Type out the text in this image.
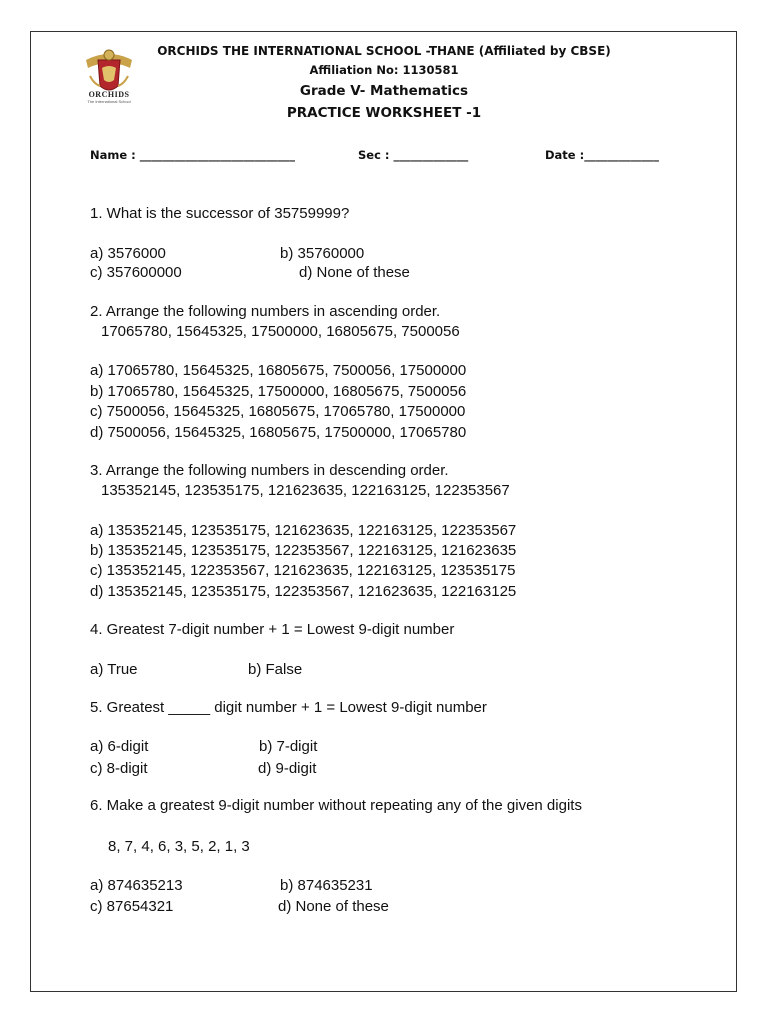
ORCHIDS
The International School
ORCHIDS THE INTERNATIONAL SCHOOL -THANE (Affiliated by CBSE)
Affiliation No: 1130581
Grade V- Mathematics
PRACTICE WORKSHEET -1
Name : ___________________________	Sec : _____________	Date :_____________
1. What is the successor of 35759999?
a) 3576000	b) 35760000
c) 357600000	d) None of these
2. Arrange the following numbers in ascending order.
17065780, 15645325, 17500000, 16805675, 7500056
a) 17065780, 15645325, 16805675, 7500056, 17500000
b) 17065780, 15645325, 17500000, 16805675, 7500056
c) 7500056, 15645325, 16805675, 17065780, 17500000
d) 7500056, 15645325, 16805675, 17500000, 17065780
3. Arrange the following numbers in descending order.
135352145, 123535175, 121623635, 122163125, 122353567
a) 135352145, 123535175, 121623635, 122163125, 122353567
b) 135352145, 123535175, 122353567, 122163125, 121623635
c) 135352145, 122353567, 121623635, 122163125, 123535175
d) 135352145, 123535175, 122353567, 121623635, 122163125
4. Greatest 7-digit number + 1 = Lowest 9-digit number
a) True	b) False
5. Greatest _____ digit number + 1 = Lowest 9-digit number
a) 6-digit	b) 7-digit
c) 8-digit	d) 9-digit
6. Make a greatest 9-digit number without repeating any of the given digits
8, 7, 4, 6, 3, 5, 2, 1, 3
a) 874635213	b) 874635231
c) 87654321	d) None of these
